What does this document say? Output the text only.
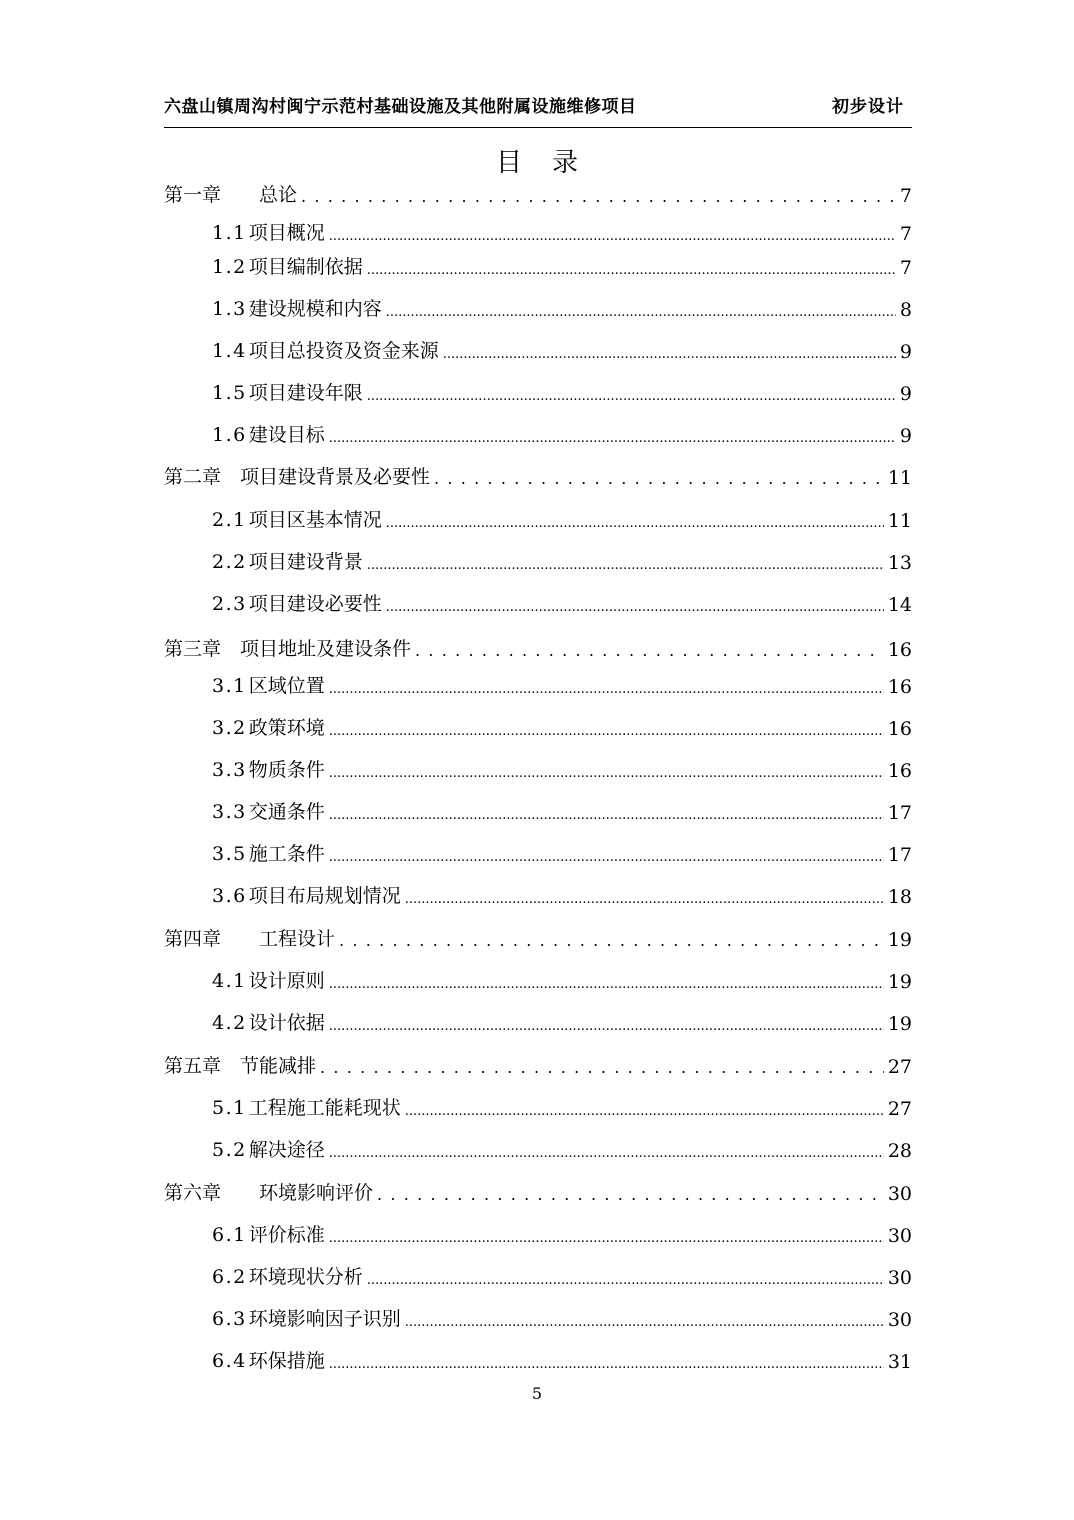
六盘山镇周沟村闽宁示范村基础设施及其他附属设施维修项目	初步设计
目录
第一章　　总论 . . .	7
1.1 项目概况 .....	7
1.2 项目编制依据 .....	7
1.3 建设规模和内容 .....	8
1.4 项目总投资及资金来源 .....	9
1.5 项目建设年限 .....	9
1.6 建设目标 .....	9
第二章　项目建设背景及必要性 . . .	11
2.1 项目区基本情况 .....	11
2.2 项目建设背景 .....	13
2.3 项目建设必要性 .....	14
第三章　项目地址及建设条件 . . .	16
3.1 区域位置 .....	16
3.2 政策环境 .....	16
3.3 物质条件 .....	16
3.3 交通条件 .....	17
3.5 施工条件 .....	17
3.6 项目布局规划情况 .....	18
第四章　　工程设计 . . .	19
4.1 设计原则 .....	19
4.2 设计依据 .....	19
第五章　节能减排 . . .	27
5.1 工程施工能耗现状 .....	27
5.2 解决途径 .....	28
第六章　　环境影响评价 . . .	30
6.1 评价标准 .....	30
6.2 环境现状分析 .....	30
6.3 环境影响因子识别 .....	30
6.4 环保措施 .....	31
5
